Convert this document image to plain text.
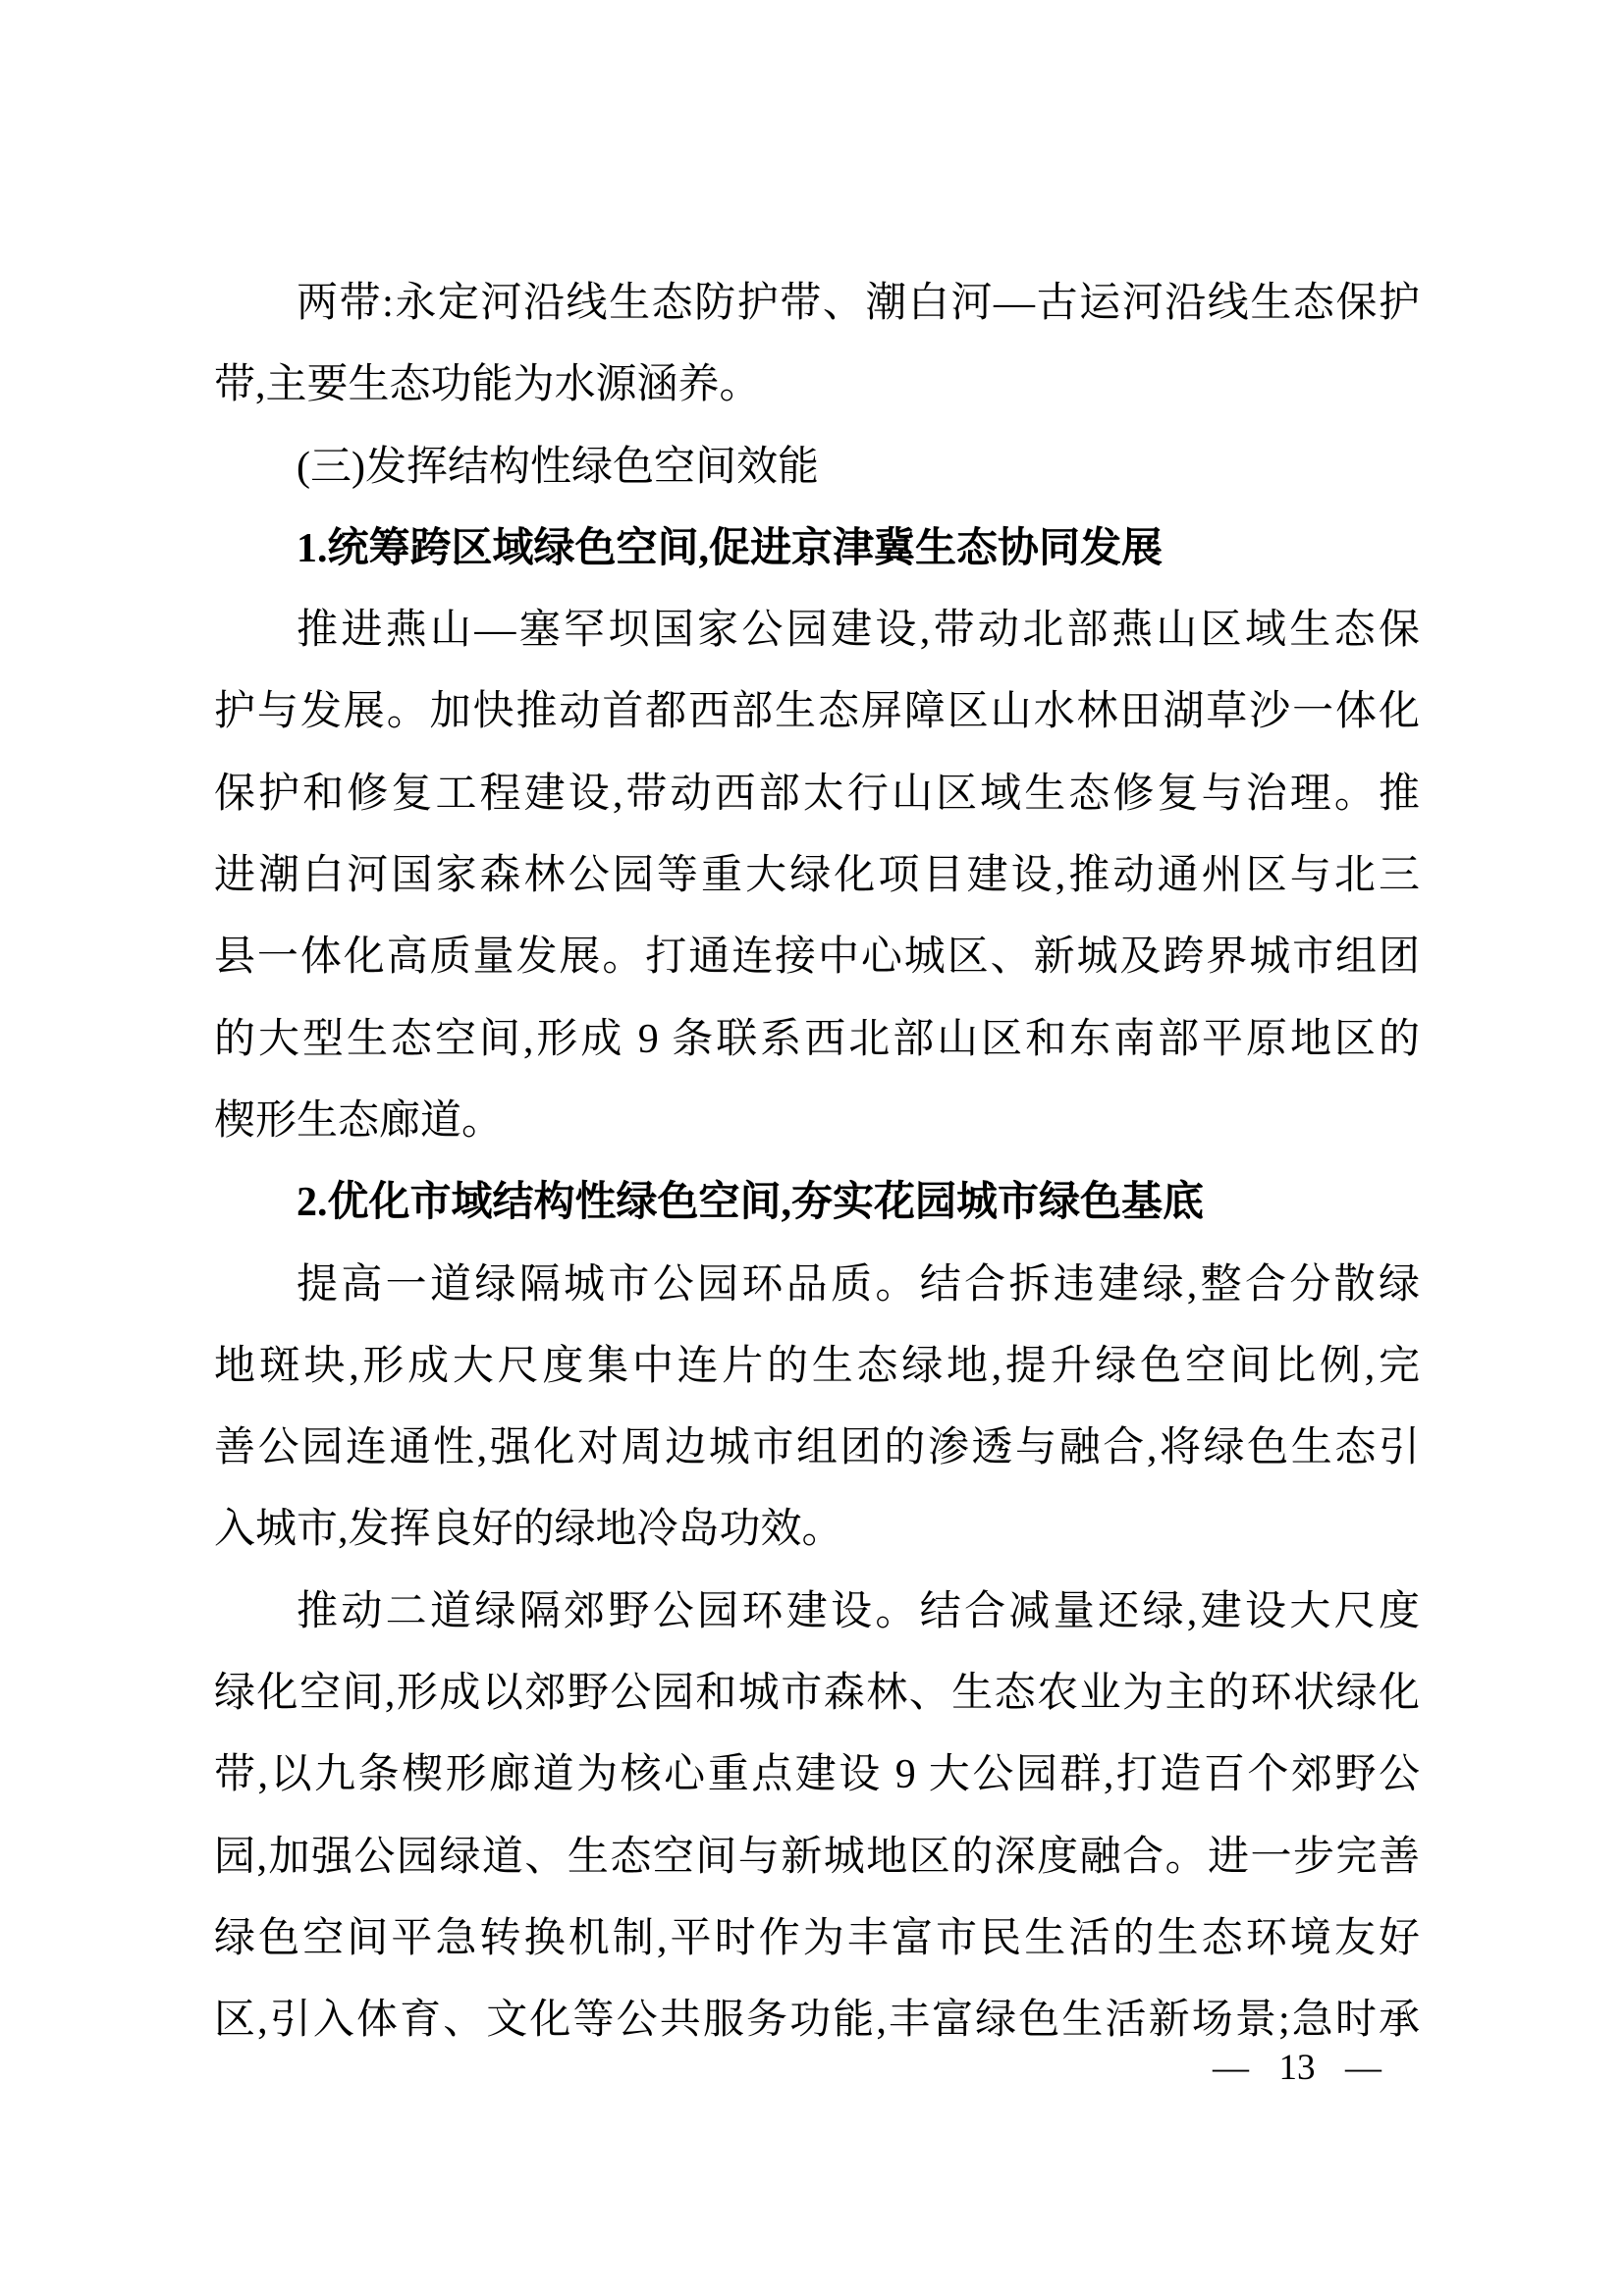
两带:永定河沿线生态防护带、潮白河—古运河沿线生态保护
带,主要生态功能为水源涵养。
(三)发挥结构性绿色空间效能
1.统筹跨区域绿色空间,促进京津冀生态协同发展
推进燕山—塞罕坝国家公园建设,带动北部燕山区域生态保
护与发展。加快推动首都西部生态屏障区山水林田湖草沙一体化
保护和修复工程建设,带动西部太行山区域生态修复与治理。推
进潮白河国家森林公园等重大绿化项目建设,推动通州区与北三
县一体化高质量发展。打通连接中心城区、新城及跨界城市组团
的大型生态空间,形成 9 条联系西北部山区和东南部平原地区的
楔形生态廊道。
2.优化市域结构性绿色空间,夯实花园城市绿色基底
提高一道绿隔城市公园环品质。结合拆违建绿,整合分散绿
地斑块,形成大尺度集中连片的生态绿地,提升绿色空间比例,完
善公园连通性,强化对周边城市组团的渗透与融合,将绿色生态引
入城市,发挥良好的绿地冷岛功效。
推动二道绿隔郊野公园环建设。结合减量还绿,建设大尺度
绿化空间,形成以郊野公园和城市森林、生态农业为主的环状绿化
带,以九条楔形廊道为核心重点建设 9 大公园群,打造百个郊野公
园,加强公园绿道、生态空间与新城地区的深度融合。进一步完善
绿色空间平急转换机制,平时作为丰富市民生活的生态环境友好
区,引入体育、文化等公共服务功能,丰富绿色生活新场景;急时承
— 13 —
